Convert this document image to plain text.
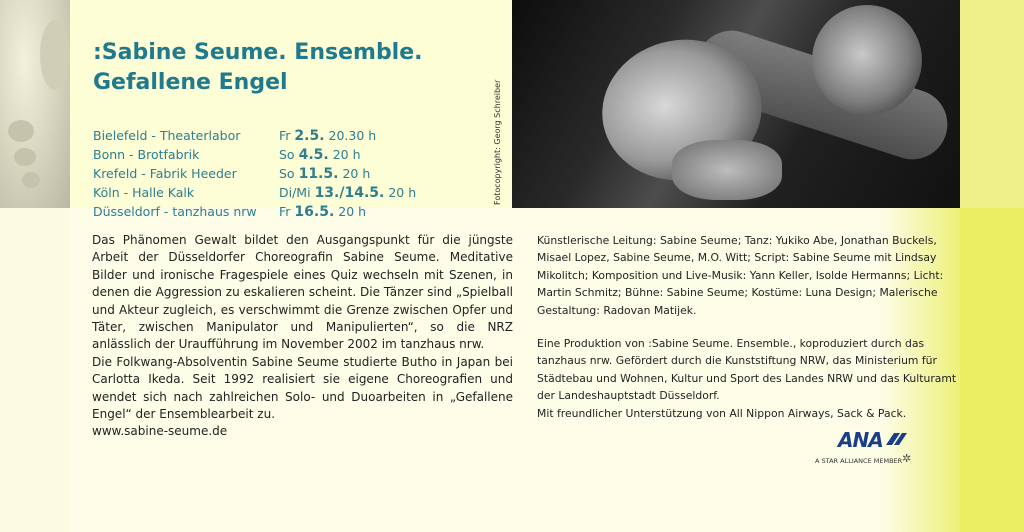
:Sabine Seume. Ensemble.
Gefallene Engel
Bielefeld - Theaterlabor	Fr 2.5. 20.30 h
Bonn - Brotfabrik	So 4.5. 20 h
Krefeld - Fabrik Heeder	So 11.5. 20 h
Köln - Halle Kalk	Di/Mi 13./14.5. 20 h
Düsseldorf - tanzhaus nrw Fr 16.5. 20 h
Fotocopyright: Georg Schreiber

Das Phänomen Gewalt bildet den Ausgangspunkt für die jüngste Arbeit der Düsseldorfer Choreografin Sabine Seume. Meditative Bilder und ironische Fragespiele eines Quiz wechseln mit Szenen, in denen die Aggression zu eskalieren scheint. Die Tänzer sind „Spielball und Akteur zugleich, es verschwimmt die Grenze zwischen Opfer und Täter, zwischen Manipulator und Manipulierten“, so die NRZ anlässlich der Uraufführung im November 2002 im tanzhaus nrw.

Die Folkwang-Absolventin Sabine Seume studierte Butho in Japan bei Carlotta Ikeda. Seit 1992 realisiert sie eigene Choreografien und wendet sich nach zahlreichen Solo- und Duoarbeiten in „Gefallene Engel“ der Ensemblearbeit zu.

www.sabine-seume.de

Künstlerische Leitung: Sabine Seume; Tanz: Yukiko Abe, Jonathan Buckels, Misael Lopez, Sabine Seume, M.O. Witt; Script: Sabine Seume mit Lindsay Mikolitch; Komposition und Live-Musik: Yann Keller, Isolde Hermanns; Licht: Martin Schmitz; Bühne: Sabine Seume; Kostüme: Luna Design; Malerische Gestaltung: Radovan Matijek.

Eine Produktion von :Sabine Seume. Ensemble., koproduziert durch das tanzhaus nrw. Gefördert durch die Kunststiftung NRW, das Ministerium für Städtebau und Wohnen, Kultur und Sport des Landes NRW und das Kulturamt der Landeshauptstadt Düsseldorf.

Mit freundlicher Unterstützung von All Nippon Airways, Sack & Pack.

ANA
A STAR ALLIANCE MEMBER ✲
